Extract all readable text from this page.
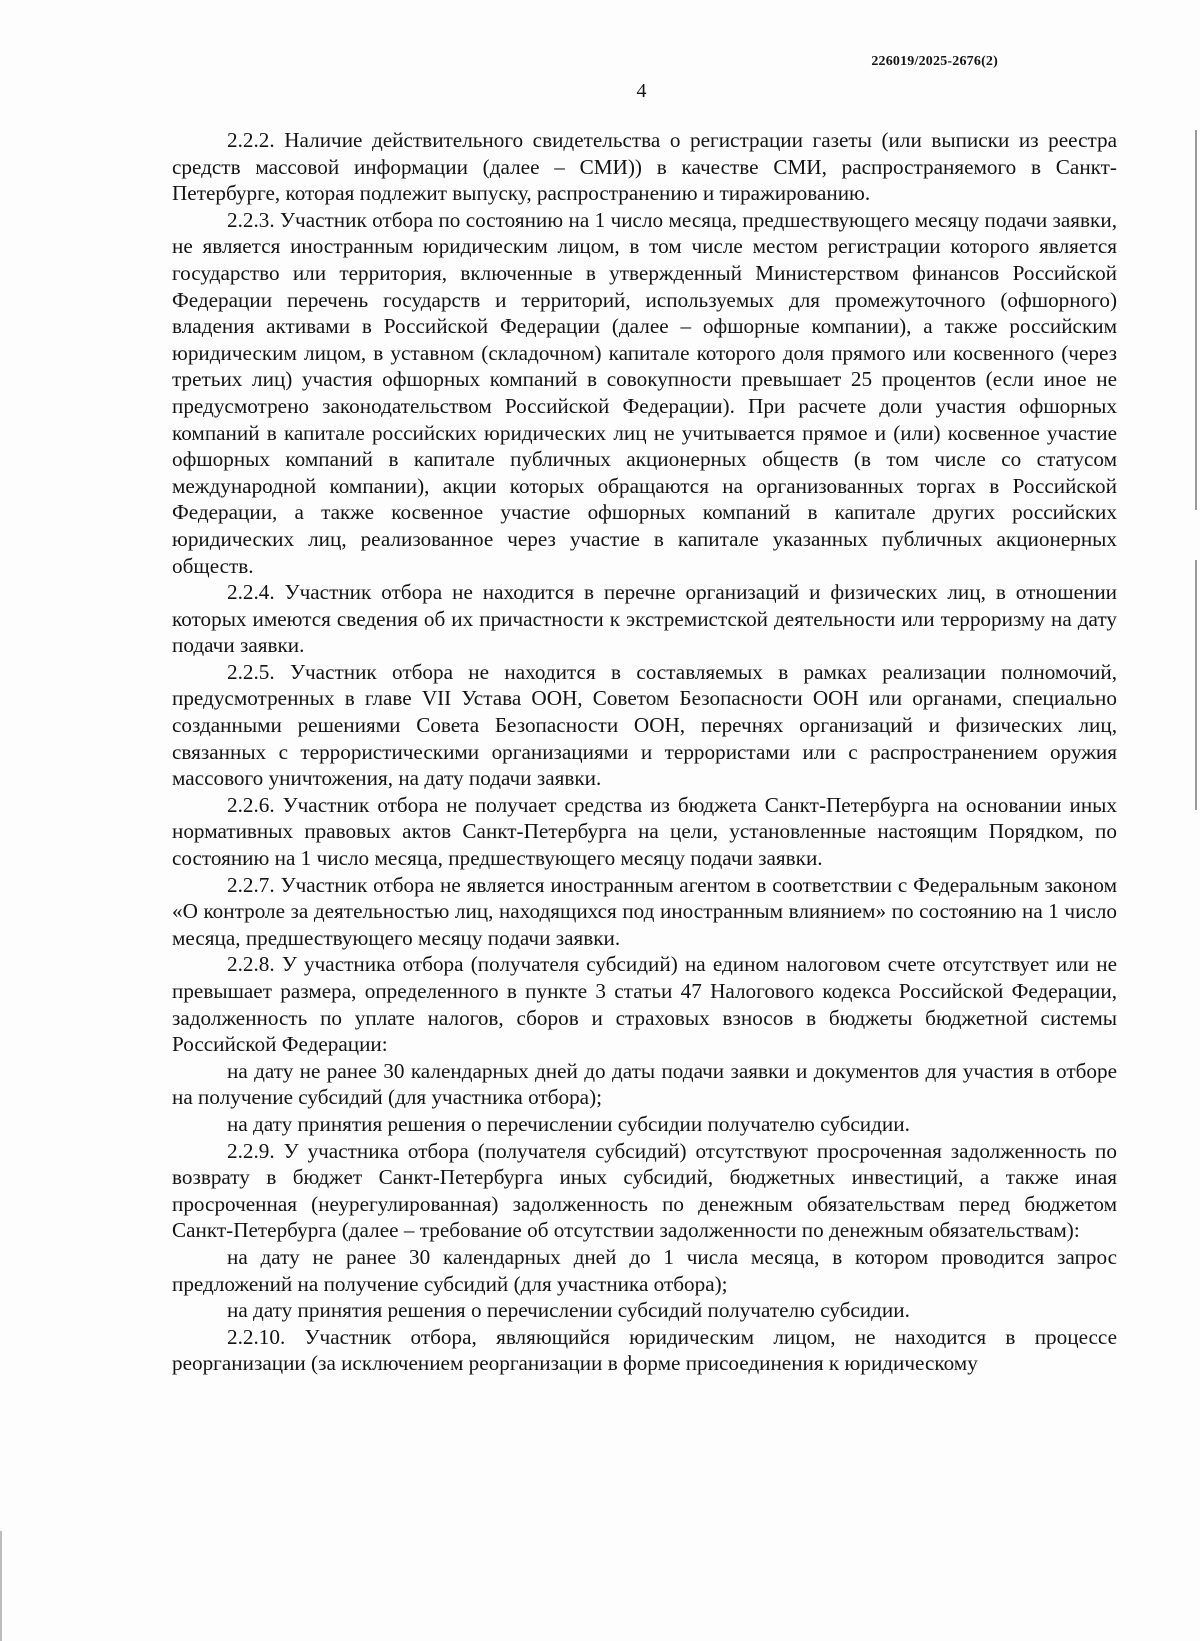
226019/2025-2676(2)
4

2.2.2. Наличие действительного свидетельства о регистрации газеты (или выписки из реестра средств массовой информации (далее – СМИ)) в качестве СМИ, распространяемого в Санкт-Петербурге, которая подлежит выпуску, распространению и тиражированию.

2.2.3. Участник отбора по состоянию на 1 число месяца, предшествующего месяцу подачи заявки, не является иностранным юридическим лицом, в том числе местом регистрации которого является государство или территория, включенные в утвержденный Министерством финансов Российской Федерации перечень государств и территорий, используемых для промежуточного (офшорного) владения активами в Российской Федерации (далее – офшорные компании), а также российским юридическим лицом, в уставном (складочном) капитале которого доля прямого или косвенного (через третьих лиц) участия офшорных компаний в совокупности превышает 25 процентов (если иное не предусмотрено законодательством Российской Федерации). При расчете доли участия офшорных компаний в капитале российских юридических лиц не учитывается прямое и (или) косвенное участие офшорных компаний в капитале публичных акционерных обществ (в том числе со статусом международной компании), акции которых обращаются на организованных торгах в Российской Федерации, а также косвенное участие офшорных компаний в капитале других российских юридических лиц, реализованное через участие в капитале указанных публичных акционерных обществ.

2.2.4. Участник отбора не находится в перечне организаций и физических лиц, в отношении которых имеются сведения об их причастности к экстремистской деятельности или терроризму на дату подачи заявки.

2.2.5. Участник отбора не находится в составляемых в рамках реализации полномочий, предусмотренных в главе VII Устава ООН, Советом Безопасности ООН или органами, специально созданными решениями Совета Безопасности ООН, перечнях организаций и физических лиц, связанных с террористическими организациями и террористами или с распространением оружия массового уничтожения, на дату подачи заявки.

2.2.6. Участник отбора не получает средства из бюджета Санкт-Петербурга на основании иных нормативных правовых актов Санкт-Петербурга на цели, установленные настоящим Порядком, по состоянию на 1 число месяца, предшествующего месяцу подачи заявки.

2.2.7. Участник отбора не является иностранным агентом в соответствии с Федеральным законом «О контроле за деятельностью лиц, находящихся под иностранным влиянием» по состоянию на 1 число месяца, предшествующего месяцу подачи заявки.

2.2.8. У участника отбора (получателя субсидий) на едином налоговом счете отсутствует или не превышает размера, определенного в пункте 3 статьи 47 Налогового кодекса Российской Федерации, задолженность по уплате налогов, сборов и страховых взносов в бюджеты бюджетной системы Российской Федерации:

на дату не ранее 30 календарных дней до даты подачи заявки и документов для участия в отборе на получение субсидий (для участника отбора);

на дату принятия решения о перечислении субсидии получателю субсидии.

2.2.9. У участника отбора (получателя субсидий) отсутствуют просроченная задолженность по возврату в бюджет Санкт-Петербурга иных субсидий, бюджетных инвестиций, а также иная просроченная (неурегулированная) задолженность по денежным обязательствам перед бюджетом Санкт-Петербурга (далее – требование об отсутствии задолженности по денежным обязательствам):

на дату не ранее 30 календарных дней до 1 числа месяца, в котором проводится запрос предложений на получение субсидий (для участника отбора);

на дату принятия решения о перечислении субсидий получателю субсидии.

2.2.10. Участник отбора, являющийся юридическим лицом, не находится в процессе реорганизации (за исключением реорганизации в форме присоединения к юридическому
